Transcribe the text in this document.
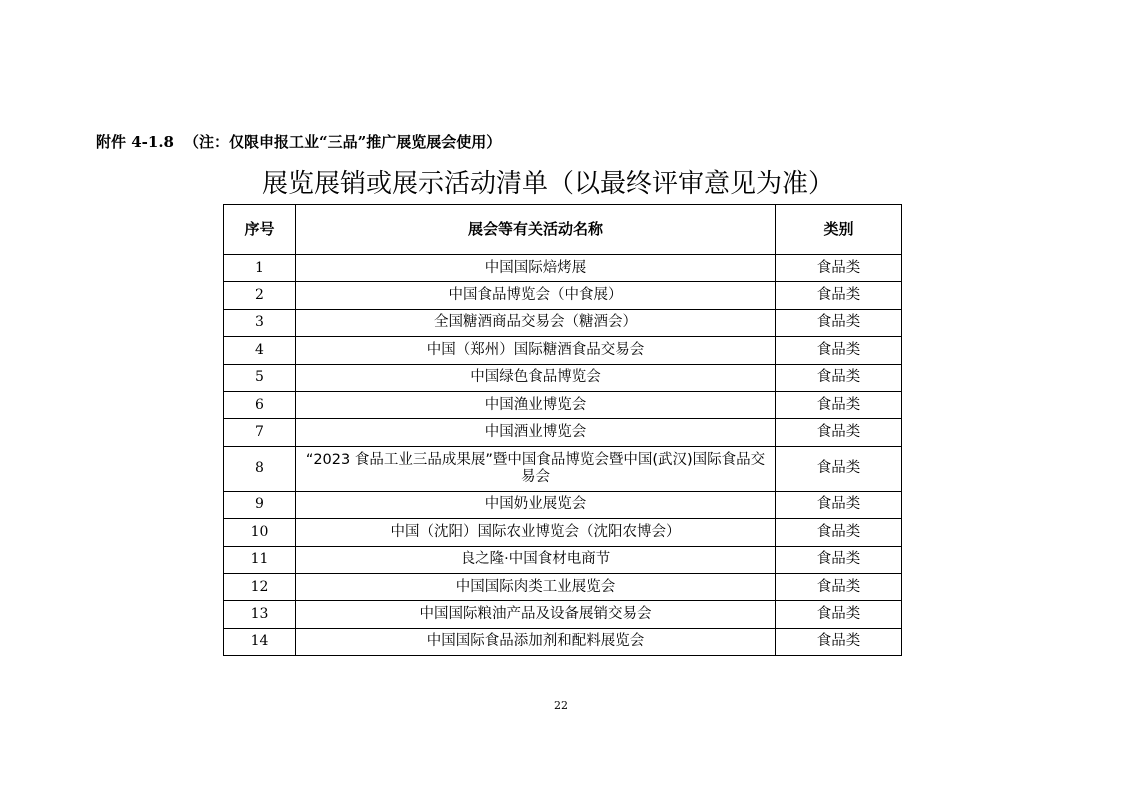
附件 4-1.8 （注：仅限申报工业“三品”推广展览展会使用）
展览展销或展示活动清单（以最终评审意见为准）
序号	展会等有关活动名称	类别
1	中国国际焙烤展	食品类
2	中国食品博览会（中食展）	食品类
3	全国糖酒商品交易会（糖酒会）	食品类
4	中国（郑州）国际糖酒食品交易会	食品类
5	中国绿色食品博览会	食品类
6	中国渔业博览会	食品类
7	中国酒业博览会	食品类
8	“2023 食品工业三品成果展”暨中国食品博览会暨中国(武汉)国际食品交易会	食品类
9	中国奶业展览会	食品类
10	中国（沈阳）国际农业博览会（沈阳农博会）	食品类
11	良之隆·中国食材电商节	食品类
12	中国国际肉类工业展览会	食品类
13	中国国际粮油产品及设备展销交易会	食品类
14	中国国际食品添加剂和配料展览会	食品类
22
